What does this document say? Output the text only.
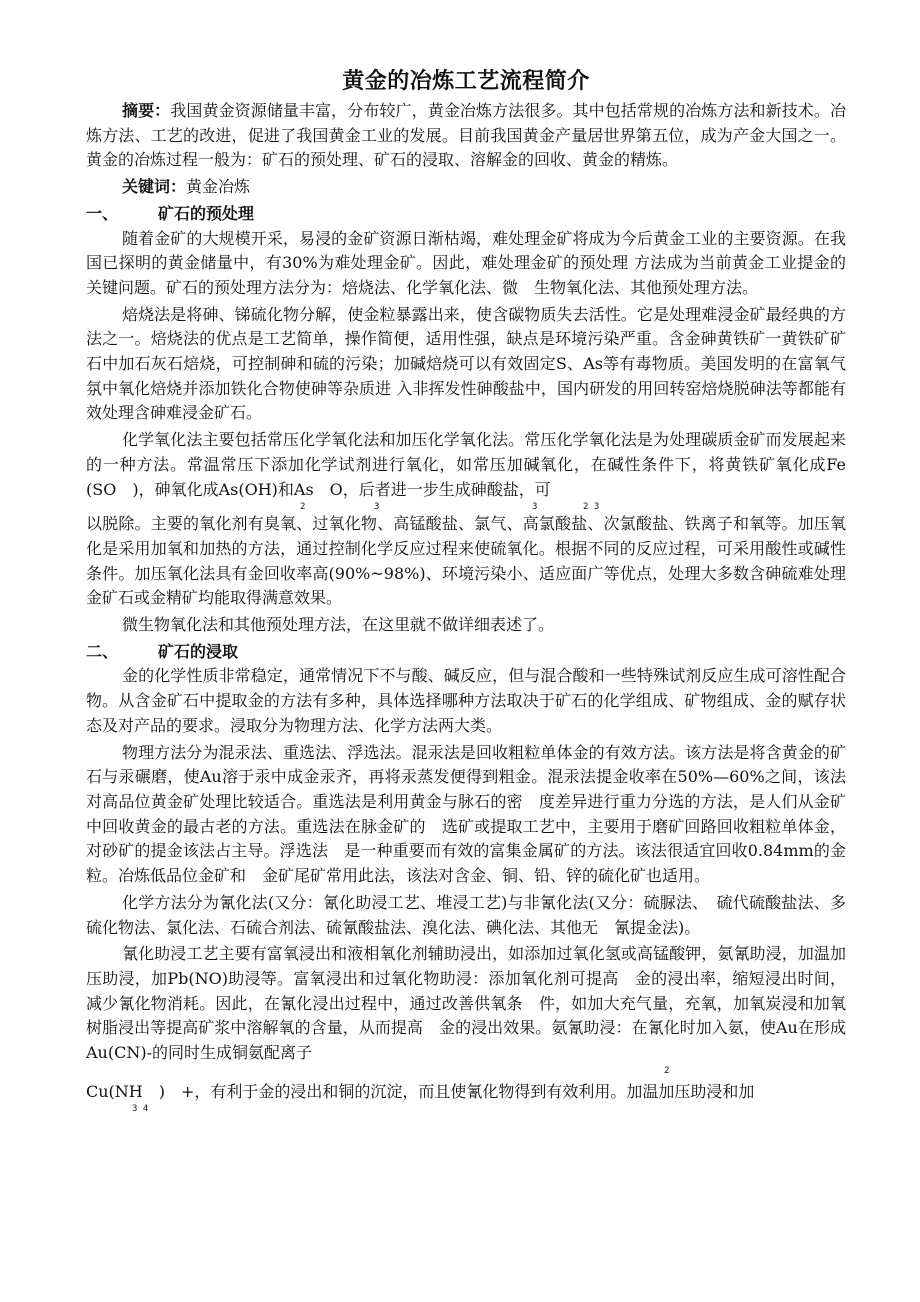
黄金的冶炼工艺流程简介

摘要：我国黄金资源储量丰富，分布较广，黄金冶炼方法很多。其中包括常规的冶炼方法和新技术。冶炼方法、工艺的改进，促进了我国黄金工业的发展。目前我国黄金产量居世界第五位，成为产金大国之一。黄金的冶炼过程一般为：矿石的预处理、矿石的浸取、溶解金的回收、黄金的精炼。

关键词：黄金冶炼

一、 矿石的预处理

随着金矿的大规模开采，易浸的金矿资源日渐枯竭，难处理金矿将成为今后黄金工业的主要资源。在我国已探明的黄金储量中，有30%为难处理金矿。因此，难处理金矿的预处理 方法成为当前黄金工业提金的关键问题。矿石的预处理方法分为：焙烧法、化学氧化法、微　生物氧化法、其他预处理方法。

焙烧法是将砷、锑硫化物分解，使金粒暴露出来，使含碳物质失去活性。它是处理难浸金矿最经典的方法之一。焙烧法的优点是工艺简单，操作简便，适用性强，缺点是环境污染严重。含金砷黄铁矿一黄铁矿矿石中加石灰石焙烧，可控制砷和硫的污染；加碱焙烧可以有效固定S、As等有毒物质。美国发明的在富氧气氛中氧化焙烧并添加铁化合物使砷等杂质进 入非挥发性砷酸盐中，国内研发的用回转窑焙烧脱砷法等都能有效处理含砷难浸金矿石。

化学氧化法主要包括常压化学氧化法和加压化学氧化法。常压化学氧化法是为处理碳质金矿而发展起来的一种方法。常温常压下添加化学试剂进行氧化，如常压加碱氧化，在碱性条件下，将黄铁矿氧化成Fe　(SO　)，砷氧化成As(OH)和As　O，后者进一步生成砷酸盐，可

2	3	3	2 3

以脱除。主要的氧化剂有臭氧、过氧化物、高锰酸盐、氯气、高氯酸盐、次氯酸盐、铁离子和氧等。加压氧化是采用加氧和加热的方法，通过控制化学反应过程来使硫氧化。根据不同的反应过程，可采用酸性或碱性条件。加压氧化法具有金回收率高(90%~98%)、环境污染小、适应面广等优点，处理大多数含砷硫难处理金矿石或金精矿均能取得满意效果。

微生物氧化法和其他预处理方法，在这里就不做详细表述了。

二、 矿石的浸取

金的化学性质非常稳定，通常情况下不与酸、碱反应，但与混合酸和一些特殊试剂反应生成可溶性配合物。从含金矿石中提取金的方法有多种，具体选择哪种方法取决于矿石的化学组成、矿物组成、金的赋存状态及对产品的要求。浸取分为物理方法、化学方法两大类。

物理方法分为混汞法、重选法、浮选法。混汞法是回收粗粒单体金的有效方法。该方法是将含黄金的矿石与汞碾磨，使Au溶于汞中成金汞齐，再将汞蒸发便得到粗金。混汞法提金收率在50%—60%之间，该法对高品位黄金矿处理比较适合。重选法是利用黄金与脉石的密　度差异进行重力分选的方法，是人们从金矿中回收黄金的最古老的方法。重选法在脉金矿的　选矿或提取工艺中，主要用于磨矿回路回收粗粒单体金，对砂矿的提金该法占主导。浮选法　是一种重要而有效的富集金属矿的方法。该法很适宜回收0.84mm的金粒。冶炼低品位金矿和　金矿尾矿常用此法，该法对含金、铜、铅、锌的硫化矿也适用。

化学方法分为氰化法(又分：氰化助浸工艺、堆浸工艺)与非氰化法(又分：硫脲法、　硫代硫酸盐法、多硫化物法、氯化法、石硫合剂法、硫氰酸盐法、溴化法、碘化法、其他无　氰提金法)。

氰化助浸工艺主要有富氧浸出和液相氧化剂辅助浸出，如添加过氧化氢或高锰酸钾，氨氰助浸，加温加压助浸，加Pb(NO)助浸等。富氧浸出和过氧化物助浸：添加氧化剂可提高　金的浸出率，缩短浸出时间，减少氰化物消耗。因此，在氰化浸出过程中，通过改善供氧条　件，如加大充气量，充氧，加氧炭浸和加氧树脂浸出等提高矿浆中溶解氧的含量，从而提高　金的浸出效果。氨氰助浸：在氰化时加入氨，使Au在形成Au(CN)-的同时生成铜氨配离子

2

Cu(NH　)　+，有利于金的浸出和铜的沉淀，而且使氰化物得到有效利用。加温加压助浸和加

3 4
